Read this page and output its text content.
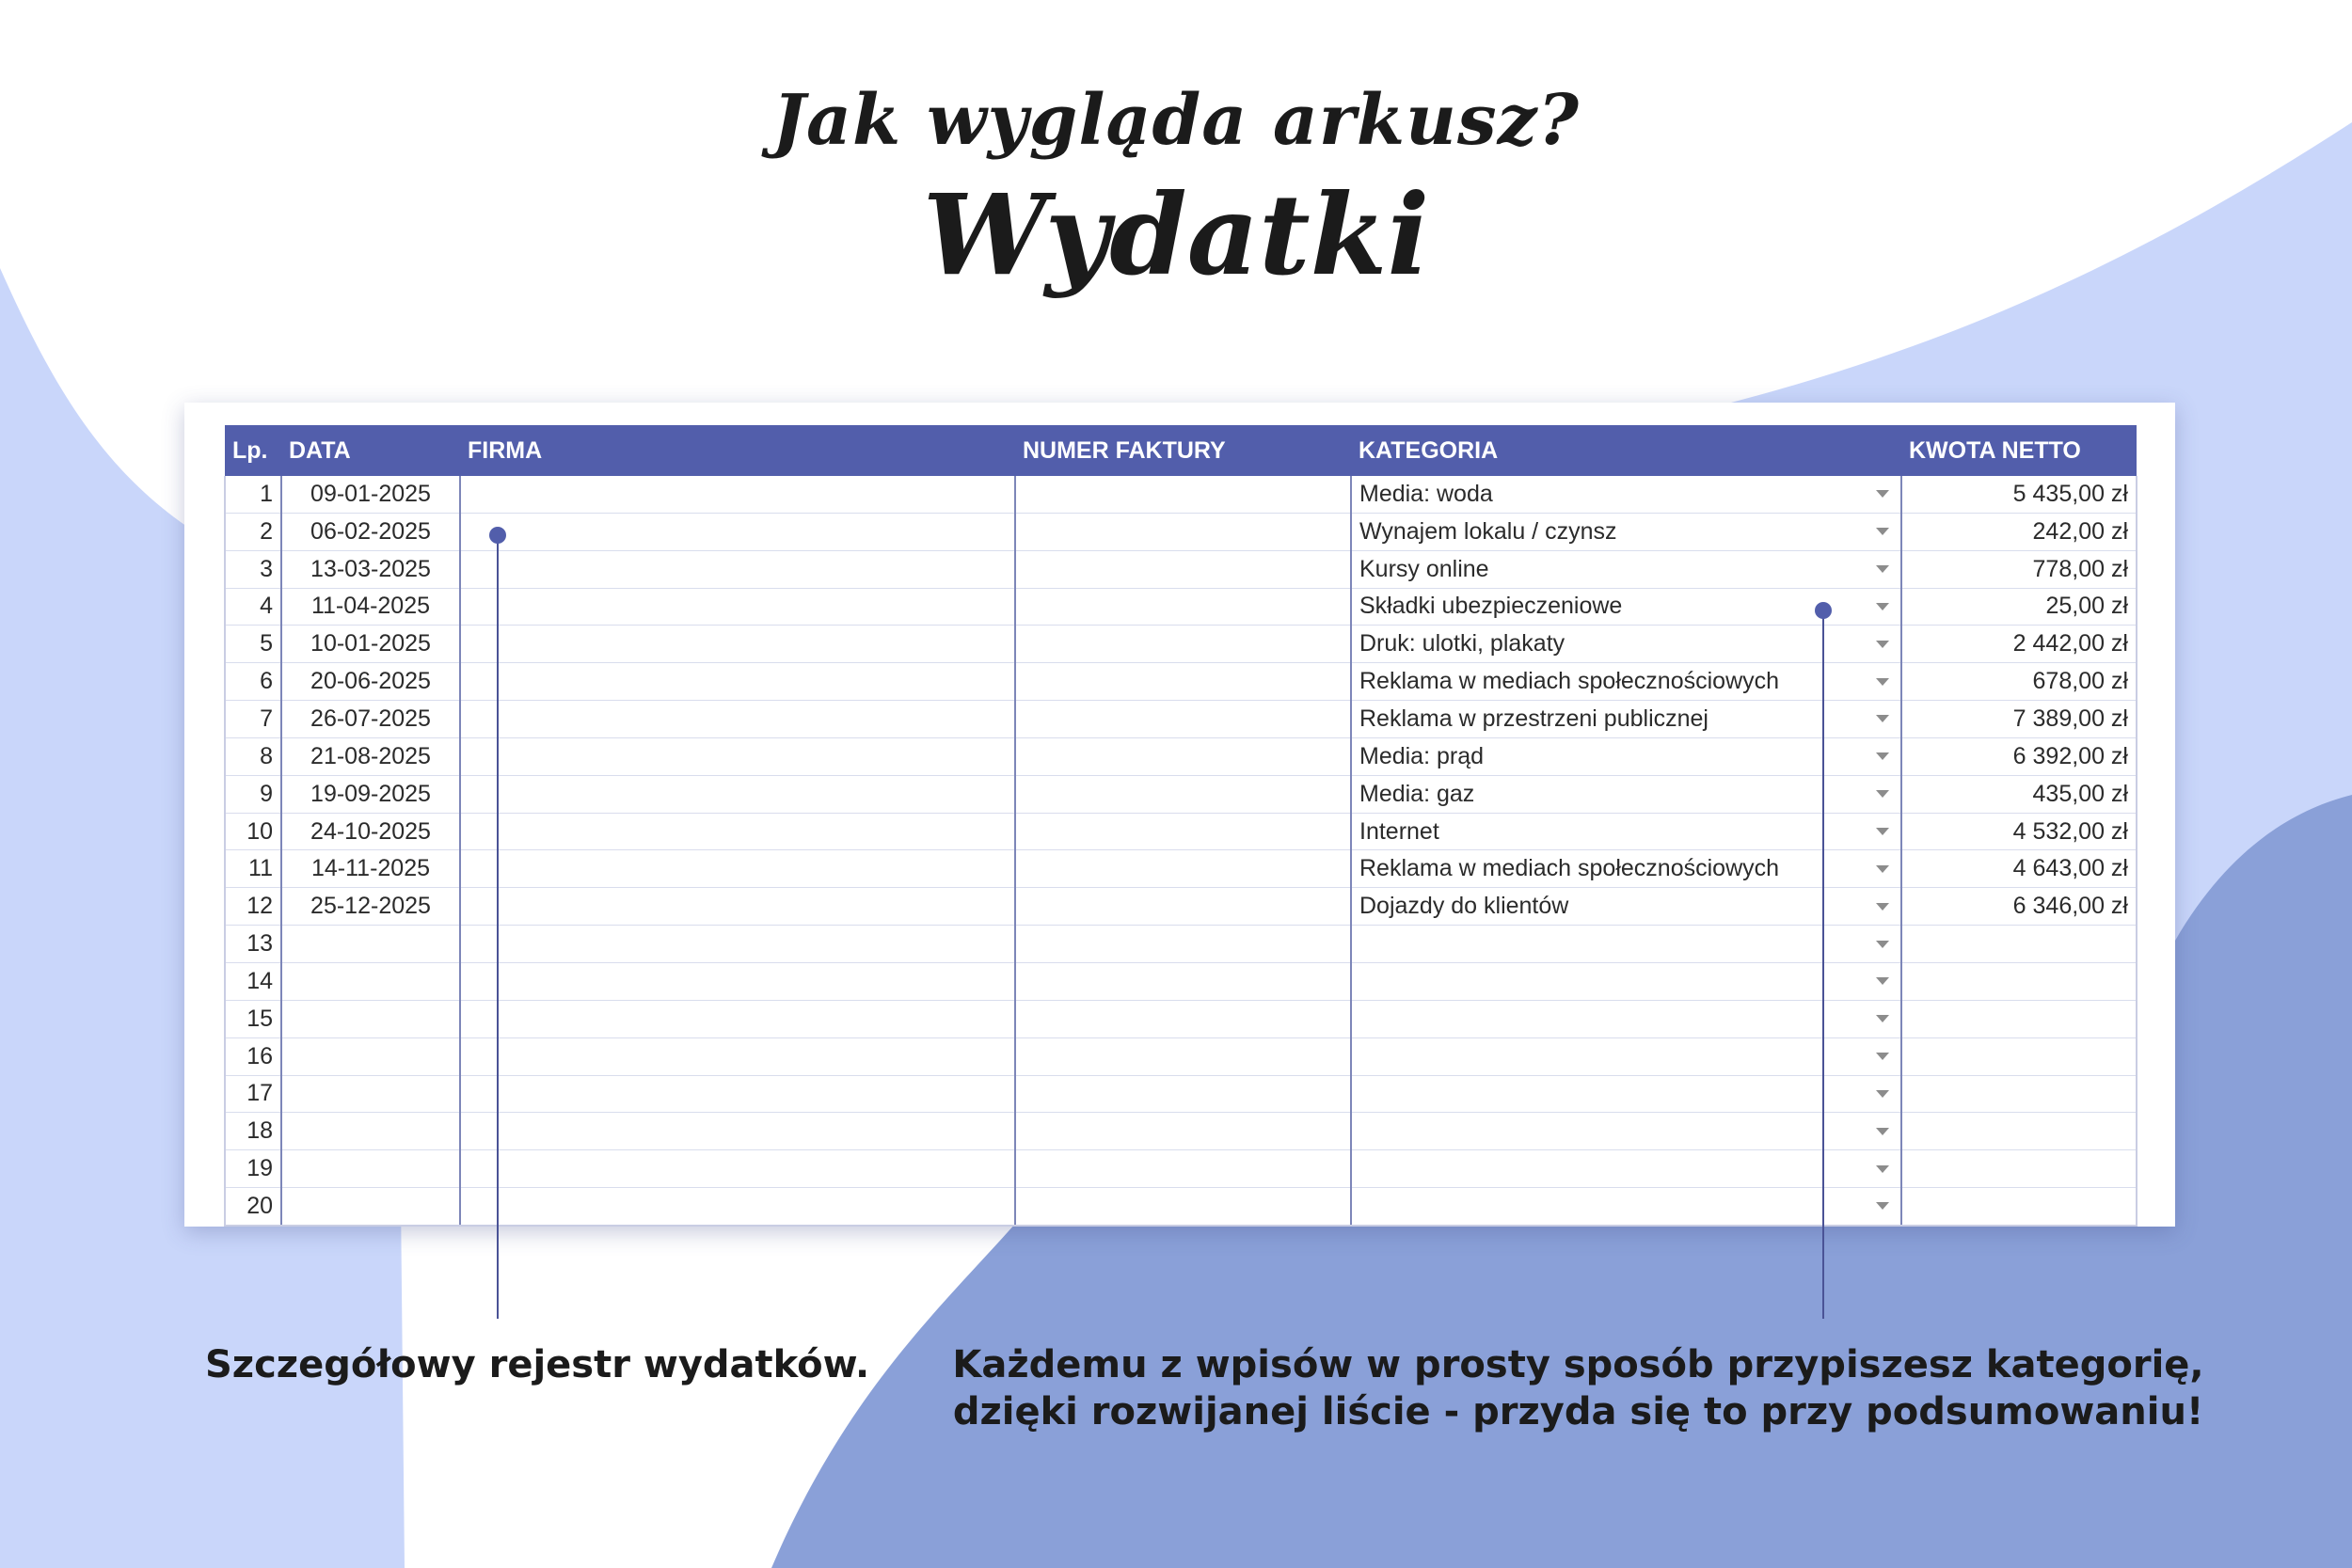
Jak wygląda arkusz?
Wydatki
Lp.	DATA	FIRMA	NUMER FAKTURY	KATEGORIA	KWOTA NETTO
1	09-01-2025			Media: woda	5 435,00 zł
2	06-02-2025			Wynajem lokalu / czynsz	242,00 zł
3	13-03-2025			Kursy online	778,00 zł
4	11-04-2025			Składki ubezpieczeniowe	25,00 zł
5	10-01-2025			Druk: ulotki, plakaty	2 442,00 zł
6	20-06-2025			Reklama w mediach społecznościowych	678,00 zł
7	26-07-2025			Reklama w przestrzeni publicznej	7 389,00 zł
8	21-08-2025			Media: prąd	6 392,00 zł
9	19-09-2025			Media: gaz	435,00 zł
10	24-10-2025			Internet	4 532,00 zł
11	14-11-2025			Reklama w mediach społecznościowych	4 643,00 zł
12	25-12-2025			Dojazdy do klientów	6 346,00 zł
13				

14				

15				

16				

17				

18				

19				

20				

Szczegółowy rejestr wydatków.	Każdemu z wpisów w prosty sposób przypiszesz kategorię,
dzięki rozwijanej liście - przyda się to przy podsumowaniu!
